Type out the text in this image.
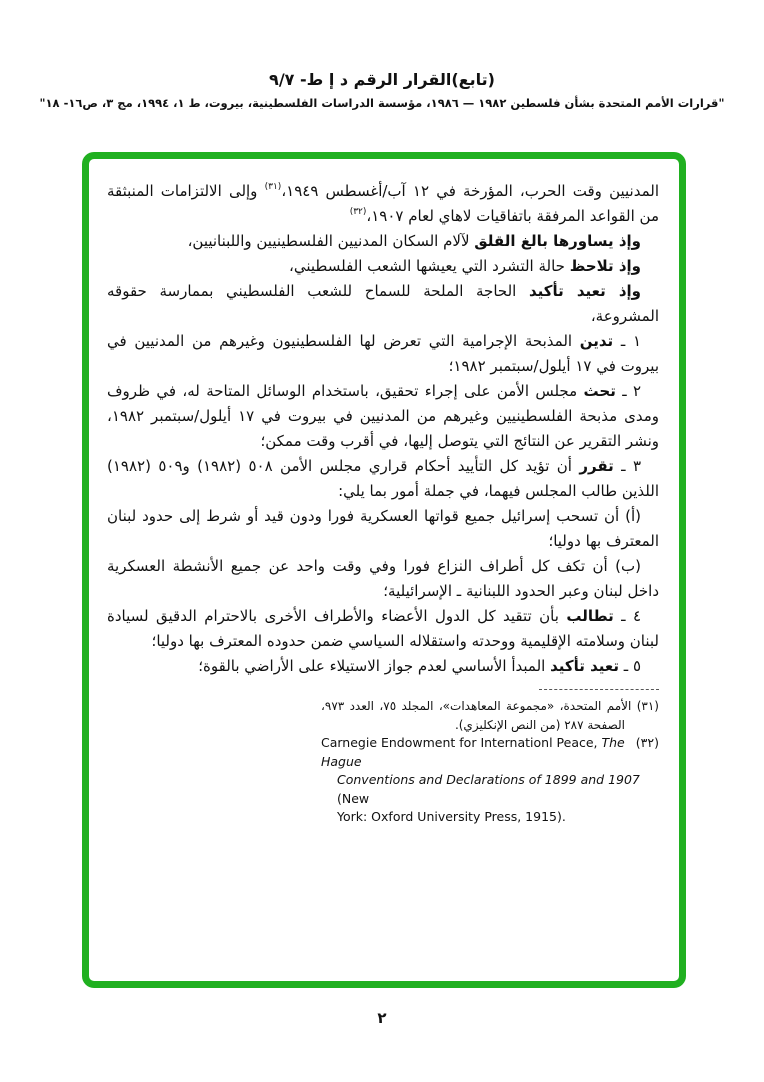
(تابع)القرار الرقم د إ ط- ٩/٧
"قرارات الأمم المتحدة بشأن فلسطين ١٩٨٢ — ١٩٨٦، مؤسسة الدراسات الفلسطينية، بيروت، ط ١، ١٩٩٤، مج ٣، ص١٦- ١٨"

المدنيين وقت الحرب، المؤرخة في ١٢ آب/أغسطس ١٩٤٩،$^{(٣١)}$ وإلى الالتزامات المنبثقة من القواعد المرفقة باتفاقيات لاهاي لعام ١٩٠٧،$^{(٣٢)}$

وإذ يساورها بالغ القلق لآلام السكان المدنيين الفلسطينيين واللبنانيين،

وإذ تلاحظ حالة التشرد التي يعيشها الشعب الفلسطيني،

وإذ تعيد تأكيد الحاجة الملحة للسماح للشعب الفلسطيني بممارسة حقوقه المشروعة،

١ ـ تدين المذبحة الإجرامية التي تعرض لها الفلسطينيون وغيرهم من المدنيين في بيروت في ١٧ أيلول/سبتمبر ١٩٨٢؛

٢ ـ تحث مجلس الأمن على إجراء تحقيق، باستخدام الوسائل المتاحة له، في ظروف ومدى مذبحة الفلسطينيين وغيرهم من المدنيين في بيروت في ١٧ أيلول/سبتمبر ١٩٨٢، ونشر التقرير عن النتائج التي يتوصل إليها، في أقرب وقت ممكن؛

٣ ـ تقرر أن تؤيد كل التأييد أحكام قراري مجلس الأمن ٥٠٨ (١٩٨٢) و٥٠٩ (١٩٨٢) اللذين طالب المجلس فيهما، في جملة أمور بما يلي:

(أ) أن تسحب إسرائيل جميع قواتها العسكرية فورا ودون قيد أو شرط إلى حدود لبنان المعترف بها دوليا؛

(ب) أن تكف كل أطراف النزاع فورا وفي وقت واحد عن جميع الأنشطة العسكرية داخل لبنان وعبر الحدود اللبنانية ـ الإسرائيلية؛

٤ ـ تطالب بأن تتقيد كل الدول الأعضاء والأطراف الأخرى بالاحترام الدقيق لسيادة لبنان وسلامته الإقليمية ووحدته واستقلاله السياسي ضمن حدوده المعترف بها دوليا؛

٥ ـ تعيد تأكيد المبدأ الأساسي لعدم جواز الاستيلاء على الأراضي بالقوة؛

(٣١) الأمم المتحدة، «مجموعة المعاهدات»، المجلد ٧٥، العدد ٩٧٣، الصفحة ٢٨٧ (من النص الإنكليزي).
Carnegie Endowment for Internationl Peace, The Hague
(٣٢)
Conventions and Declarations of 1899 and 1907 (New
York: Oxford University Press, 1915).
٢
